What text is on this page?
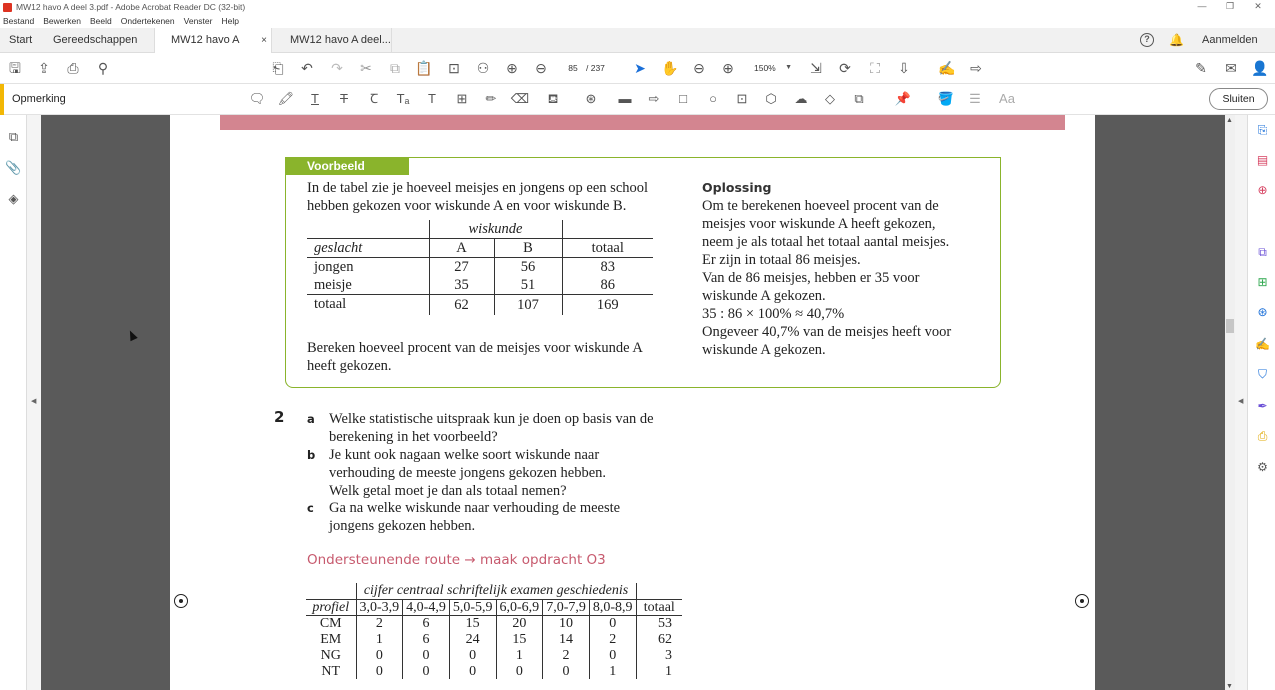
MW12 havo A deel 3.pdf - Adobe Acrobat Reader DC (32-bit)	—	❐	✕
Bestand Bewerken Beeld Ondertekenen Venster Help
Start Gereedschappen	MW12 havo A ×	MW12 havo A deel...	?	🔔 Aanmelden
🖫 ⇪	⎙	⚲	⎗	↶ ↷ ✂	⧉	📋 ⊡ ⚇ ⊕ ⊖	85 / 237 ➤ ✋ ⊖ ⊕	150% ▼ ⇲ ⟳	⛶	⇩ ✍ ⇨	✎ ✉ 👤
Opmerking	🗨 🖍	T	T	Ꞇ	Tₐ	T	⊞	✏	⌫	⛾	⊛	▬	⇨	□	○	⊡	⬡	☁	◇	⧉	📌 🪣	☰	Aa	Sluiten
⧉
📎
◈
◀
Voorbeeld
In de tabel zie je hoeveel meisjes en jongens op een school
hebben gekozen voor wiskunde A en voor wiskunde B.
	wiskunde		
geslacht	A	B	totaal
jongen	27	56	83
meisje	35	51	86
totaal	62	107	169
Bereken hoeveel procent van de meisjes voor wiskunde A
heeft gekozen.
Oplossing
Om te berekenen hoeveel procent van de
meisjes voor wiskunde A heeft gekozen,
neem je als totaal het totaal aantal meisjes.
Er zijn in totaal 86 meisjes.
Van de 86 meisjes, hebben er 35 voor
wiskunde A gekozen.
35 : 86 × 100% ≈ 40,7%
Ongeveer 40,7% van de meisjes heeft voor
wiskunde A gekozen.
2 a Welke statistische uitspraak kun je doen op basis van de
berekening in het voorbeeld?
b Je kunt ook nagaan welke soort wiskunde naar
verhouding de meeste jongens gekozen hebben.
Welk getal moet je dan als totaal nemen?
c Ga na welke wiskunde naar verhouding de meeste
jongens gekozen hebben.
Ondersteunende route → maak opdracht O3
	cijfer centraal schriftelijk examen geschiedenis						
profiel	3,0-3,9	4,0-4,9	5,0-5,9	6,0-6,9	7,0-7,9	8,0-8,9	totaal
CM	2	6	15	20	10	0	53
EM	1	6	24	15	14	2	62
NG	0	0	0	1	2	0	3
NT	0	0	0	0	0	1	1
▲
▼
◀
⎘
▤
⊕
🗨
⧉
⊞
⊛
✍
⛉
✒
⎙
⚙
